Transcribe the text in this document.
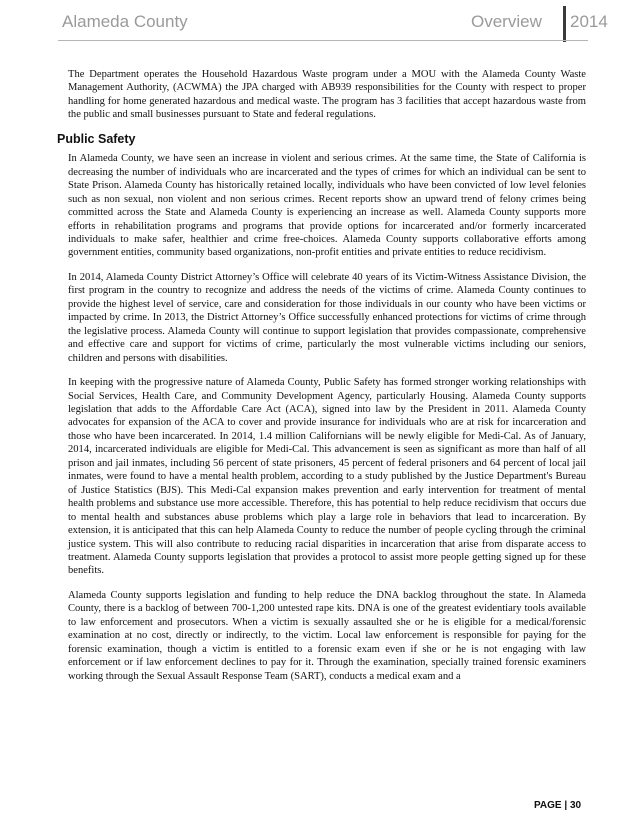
Alameda County	Overview 2014

The Department operates the Household Hazardous Waste program under a MOU with the Alameda County Waste Management Authority, (ACWMA) the JPA charged with AB939 responsibilities for the County with respect to proper handling for home generated hazardous and medical waste. The program has 3 facilities that accept hazardous waste from the public and small businesses pursuant to State and federal regulations.

Public Safety

In Alameda County, we have seen an increase in violent and serious crimes. At the same time, the State of California is decreasing the number of individuals who are incarcerated and the types of crimes for which an individual can be sent to State Prison. Alameda County has historically retained locally, individuals who have been convicted of low level felonies such as non sexual, non violent and non serious crimes. Recent reports show an upward trend of felony crimes being committed across the State and Alameda County is experiencing an increase as well. Alameda County supports more efforts in rehabilitation programs and programs that provide options for incarcerated and/or formerly incarcerated individuals to make safer, healthier and crime free-choices. Alameda County supports collaborative efforts among government entities, community based organizations, non-profit entities and private entities to reduce recidivism.

In 2014, Alameda County District Attorney’s Office will celebrate 40 years of its Victim-Witness Assistance Division, the first program in the country to recognize and address the needs of the victims of crime. Alameda County continues to provide the highest level of service, care and consideration for those individuals in our county who have been victims or impacted by crime. In 2013, the District Attorney’s Office successfully enhanced protections for victims of crime through the legislative process. Alameda County will continue to support legislation that provides compassionate, comprehensive and effective care and support for victims of crime, particularly the most vulnerable victims including our seniors, children and persons with disabilities.

In keeping with the progressive nature of Alameda County, Public Safety has formed stronger working relationships with Social Services, Health Care, and Community Development Agency, particularly Housing. Alameda County supports legislation that adds to the Affordable Care Act (ACA), signed into law by the President in 2011. Alameda County advocates for expansion of the ACA to cover and provide insurance for individuals who are at risk for incarceration and those who have been incarcerated. In 2014, 1.4 million Californians will be newly eligible for Medi-Cal. As of January, 2014, incarcerated individuals are eligible for Medi-Cal. This advancement is seen as significant as more than half of all prison and jail inmates, including 56 percent of state prisoners, 45 percent of federal prisoners and 64 percent of local jail inmates, were found to have a mental health problem, according to a study published by the Justice Department's Bureau of Justice Statistics (BJS). This Medi-Cal expansion makes prevention and early intervention for treatment of mental health problems and substance use more accessible. Therefore, this has potential to help reduce recidivism that occurs due to mental health and substances abuse problems which play a large role in behaviors that lead to incarceration. By extension, it is anticipated that this can help Alameda County to reduce the number of people cycling through the criminal justice system. This will also contribute to reducing racial disparities in incarceration that arise from disparate access to treatment. Alameda County supports legislation that provides a protocol to assist more people getting signed up for these benefits.

Alameda County supports legislation and funding to help reduce the DNA backlog throughout the state. In Alameda County, there is a backlog of between 700-1,200 untested rape kits. DNA is one of the greatest evidentiary tools available to law enforcement and prosecutors. When a victim is sexually assaulted she or he is eligible for a medical/forensic examination at no cost, directly or indirectly, to the victim. Local law enforcement is responsible for paying for the forensic examination, though a victim is entitled to a forensic exam even if she or he is not engaging with law enforcement or if law enforcement declines to pay for it. Through the examination, specially trained forensic examiners working through the Sexual Assault Response Team (SART), conducts a medical exam and a

PAGE | 30
